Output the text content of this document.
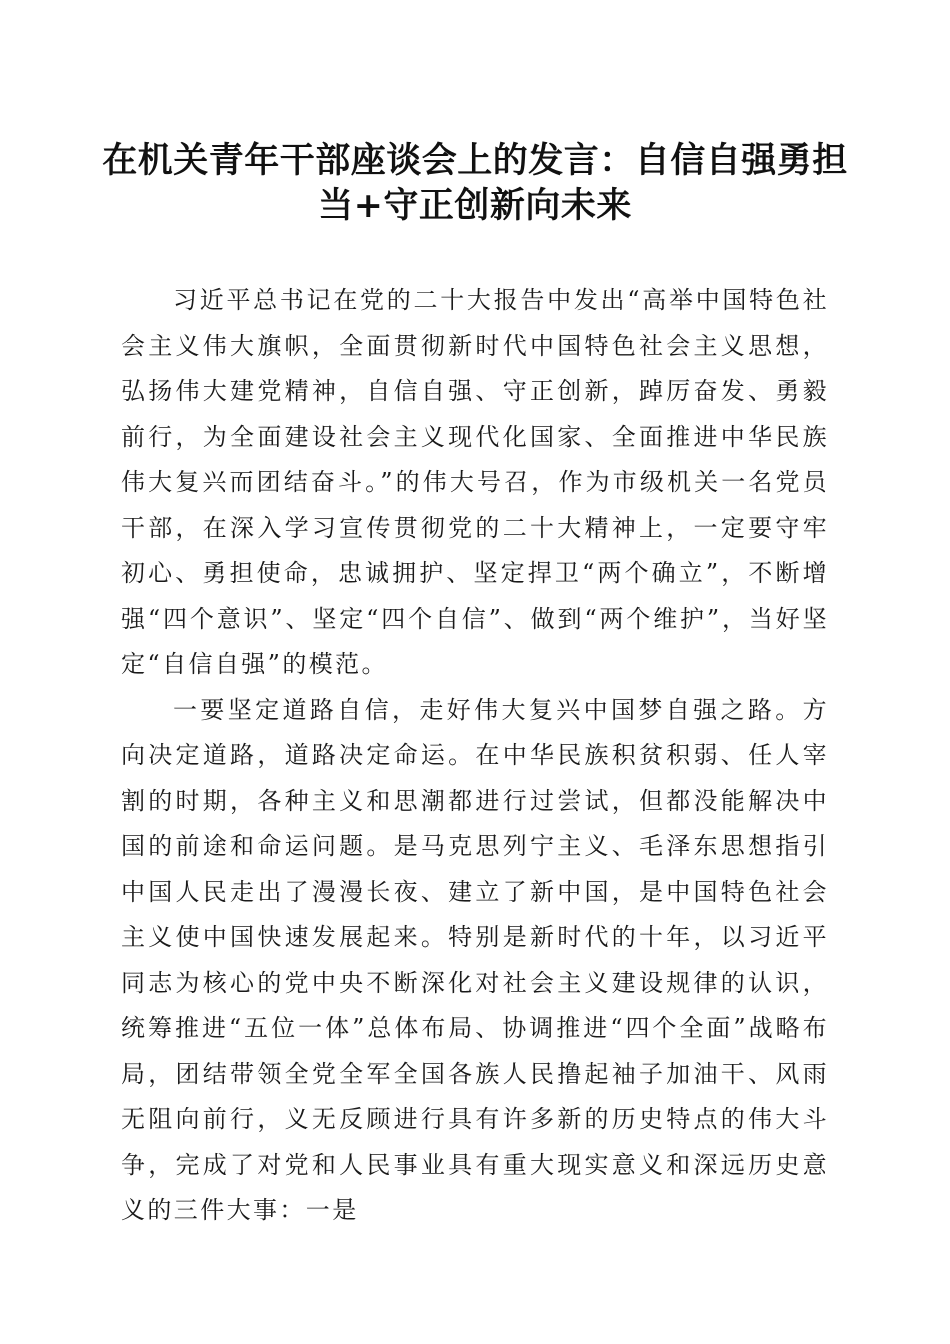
在机关青年干部座谈会上的发言：自信自强勇担当+守正创新向未来

习近平总书记在党的二十大报告中发出“高举中国特色社会主义伟大旗帜，全面贯彻新时代中国特色社会主义思想，弘扬伟大建党精神，自信自强、守正创新，踔厉奋发、勇毅前行，为全面建设社会主义现代化国家、全面推进中华民族伟大复兴而团结奋斗。”的伟大号召，作为市级机关一名党员干部，在深入学习宣传贯彻党的二十大精神上，一定要守牢初心、勇担使命，忠诚拥护、坚定捍卫“两个确立”，不断增强“四个意识”、坚定“四个自信”、做到“两个维护”，当好坚定“自信自强”的模范。

一要坚定道路自信，走好伟大复兴中国梦自强之路。方向决定道路，道路决定命运。在中华民族积贫积弱、任人宰割的时期，各种主义和思潮都进行过尝试，但都没能解决中国的前途和命运问题。是马克思列宁主义、毛泽东思想指引中国人民走出了漫漫长夜、建立了新中国，是中国特色社会主义使中国快速发展起来。特别是新时代的十年，以习近平同志为核心的党中央不断深化对社会主义建设规律的认识，统筹推进“五位一体”总体布局、协调推进“四个全面”战略布局，团结带领全党全军全国各族人民撸起袖子加油干、风雨无阻向前行，义无反顾进行具有许多新的历史特点的伟大斗争，完成了对党和人民事业具有重大现实意义和深远历史意义的三件大事：一是
